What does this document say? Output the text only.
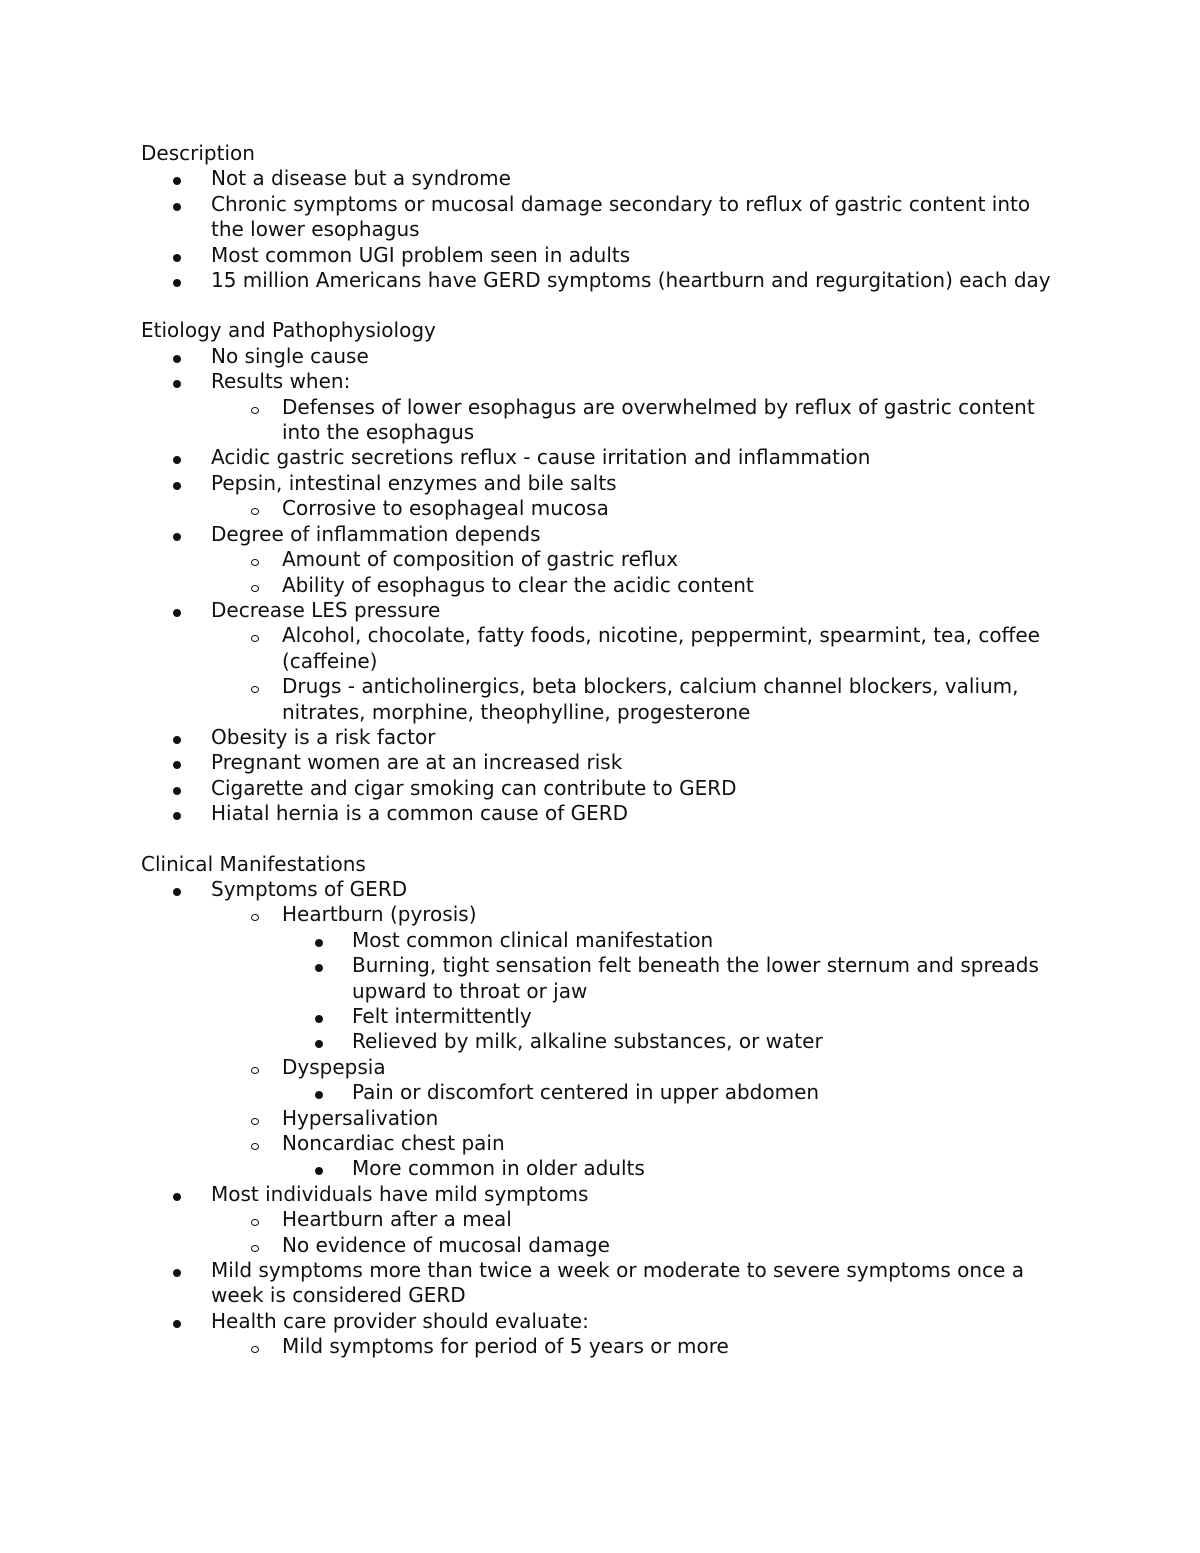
Description
Not a disease but a syndrome
Chronic symptoms or mucosal damage secondary to reflux of gastric content into the lower esophagus
Most common UGI problem seen in adults
15 million Americans have GERD symptoms (heartburn and regurgitation) each day
Etiology and Pathophysiology
No single cause
Results when:
Defenses of lower esophagus are overwhelmed by reflux of gastric content into the esophagus
Acidic gastric secretions reflux - cause irritation and inflammation
Pepsin, intestinal enzymes and bile salts
Corrosive to esophageal mucosa
Degree of inflammation depends
Amount of composition of gastric reflux
Ability of esophagus to clear the acidic content
Decrease LES pressure
Alcohol, chocolate, fatty foods, nicotine, peppermint, spearmint, tea, coffee (caffeine)
Drugs - anticholinergics, beta blockers, calcium channel blockers, valium, nitrates, morphine, theophylline, progesterone
Obesity is a risk factor
Pregnant women are at an increased risk
Cigarette and cigar smoking can contribute to GERD
Hiatal hernia is a common cause of GERD
Clinical Manifestations
Symptoms of GERD
Heartburn (pyrosis)
Most common clinical manifestation
Burning, tight sensation felt beneath the lower sternum and spreads upward to throat or jaw
Felt intermittently
Relieved by milk, alkaline substances, or water
Dyspepsia
Pain or discomfort centered in upper abdomen
Hypersalivation
Noncardiac chest pain
More common in older adults
Most individuals have mild symptoms
Heartburn after a meal
No evidence of mucosal damage
Mild symptoms more than twice a week or moderate to severe symptoms once a week is considered GERD
Health care provider should evaluate:
Mild symptoms for period of 5 years or more
